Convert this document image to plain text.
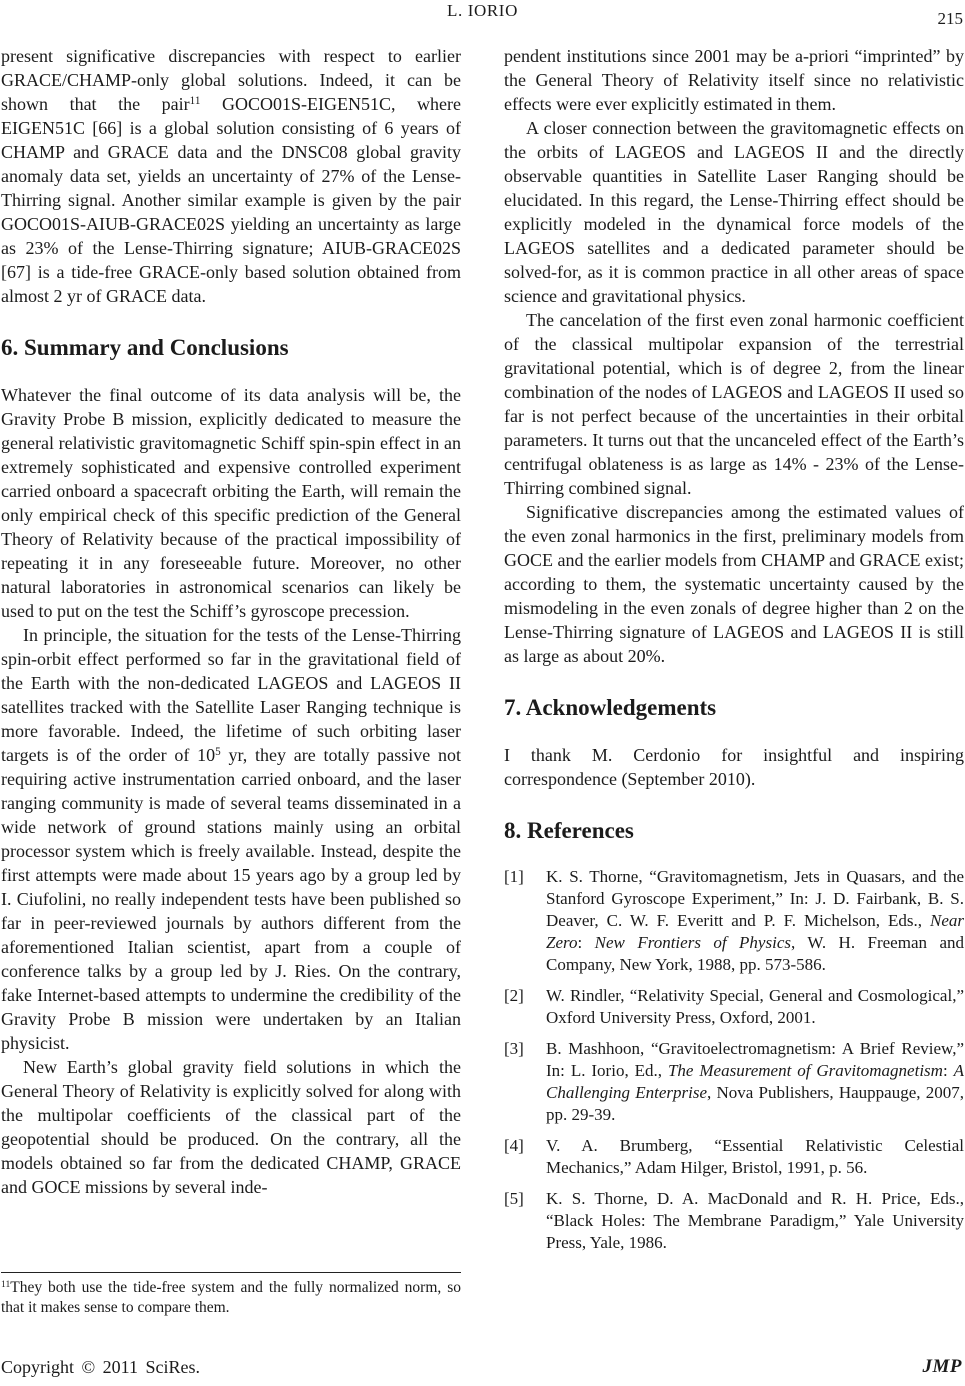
L. IORIO	215

present significative discrepancies with respect to earlier GRACE/CHAMP-only global solutions. Indeed, it can be shown that the pair$^{11}$ GOCO01S-EIGEN51C, where EIGEN51C [66] is a global solution consisting of 6 years of CHAMP and GRACE data and the DNSC08 global gravity anomaly data set, yields an uncertainty of 27% of the Lense-Thirring signal. Another similar example is given by the pair GOCO01S-AIUB-GRACE02S yielding an uncertainty as large as 23% of the Lense-Thirring signature; AIUB-GRACE02S [67] is a tide-free GRACE-only based solution obtained from almost 2 yr of GRACE data.

6. Summary and Conclusions

Whatever the final outcome of its data analysis will be, the Gravity Probe B mission, explicitly dedicated to measure the general relativistic gravitomagnetic Schiff spin-spin effect in an extremely sophisticated and expensive controlled experiment carried onboard a spacecraft orbiting the Earth, will remain the only empirical check of this specific prediction of the General Theory of Relativity because of the practical impossibility of repeating it in any foreseeable future. Moreover, no other natural laboratories in astronomical scenarios can likely be used to put on the test the Schiff’s gyroscope precession.

In principle, the situation for the tests of the Lense-Thirring spin-orbit effect performed so far in the gravitational field of the Earth with the non-dedicated LAGEOS and LAGEOS II satellites tracked with the Satellite Laser Ranging technique is more favorable. Indeed, the lifetime of such orbiting laser targets is of the order of $10^5$ yr, they are totally passive not requiring active instrumentation carried onboard, and the laser ranging community is made of several teams disseminated in a wide network of ground stations mainly using an orbital processor system which is freely available. Instead, despite the first attempts were made about 15 years ago by a group led by I. Ciufolini, no really independent tests have been published so far in peer-reviewed journals by authors different from the aforementioned Italian scientist, apart from a couple of conference talks by a group led by J. Ries. On the contrary, fake Internet-based attempts to undermine the credibility of the Gravity Probe B mission were undertaken by an Italian physicist.

New Earth’s global gravity field solutions in which the General Theory of Relativity is explicitly solved for along with the multipolar coefficients of the classical part of the geopotential should be produced. On the contrary, all the models obtained so far from the dedicated CHAMP, GRACE and GOCE missions by several inde-

$^{11}$They both use the tide-free system and the fully normalized norm, so that it makes sense to compare them.

pendent institutions since 2001 may be a-priori “imprinted” by the General Theory of Relativity itself since no relativistic effects were ever explicitly estimated in them.

A closer connection between the gravitomagnetic effects on the orbits of LAGEOS and LAGEOS II and the directly observable quantities in Satellite Laser Ranging should be elucidated. In this regard, the Lense-Thirring effect should be explicitly modeled in the dynamical force models of the LAGEOS satellites and a dedicated parameter should be solved-for, as it is common practice in all other areas of space science and gravitational physics.

The cancelation of the first even zonal harmonic coefficient of the classical multipolar expansion of the terrestrial gravitational potential, which is of degree 2, from the linear combination of the nodes of LAGEOS and LAGEOS II used so far is not perfect because of the uncertainties in their orbital parameters. It turns out that the uncanceled effect of the Earth’s centrifugal oblateness is as large as 14% - 23% of the Lense-Thirring combined signal.

Significative discrepancies among the estimated values of the even zonal harmonics in the first, preliminary models from GOCE and the earlier models from CHAMP and GRACE exist; according to them, the systematic uncertainty caused by the mismodeling in the even zonals of degree higher than 2 on the Lense-Thirring signature of LAGEOS and LAGEOS II is still as large as about 20%.

7. Acknowledgements

I thank M. Cerdonio for insightful and inspiring correspondence (September 2010).

8. References
[1] K. S. Thorne, “Gravitomagnetism, Jets in Quasars, and the Stanford Gyroscope Experiment,” In: J. D. Fairbank, B. S. Deaver, C. W. F. Everitt and P. F. Michelson, Eds., Near Zero: New Frontiers of Physics, W. H. Freeman and Company, New York, 1988, pp. 573-586.
[2] W. Rindler, “Relativity Special, General and Cosmological,” Oxford University Press, Oxford, 2001.
[3] B. Mashhoon, “Gravitoelectromagnetism: A Brief Review,” In: L. Iorio, Ed., The Measurement of Gravitomagnetism: A Challenging Enterprise, Nova Publishers, Hauppauge, 2007, pp. 29-39.
[4] V. A. Brumberg, “Essential Relativistic Celestial Mechanics,” Adam Hilger, Bristol, 1991, p. 56.
[5] K. S. Thorne, D. A. MacDonald and R. H. Price, Eds., “Black Holes: The Membrane Paradigm,” Yale University Press, Yale, 1986.
Copyright © 2011 SciRes.	JMP
